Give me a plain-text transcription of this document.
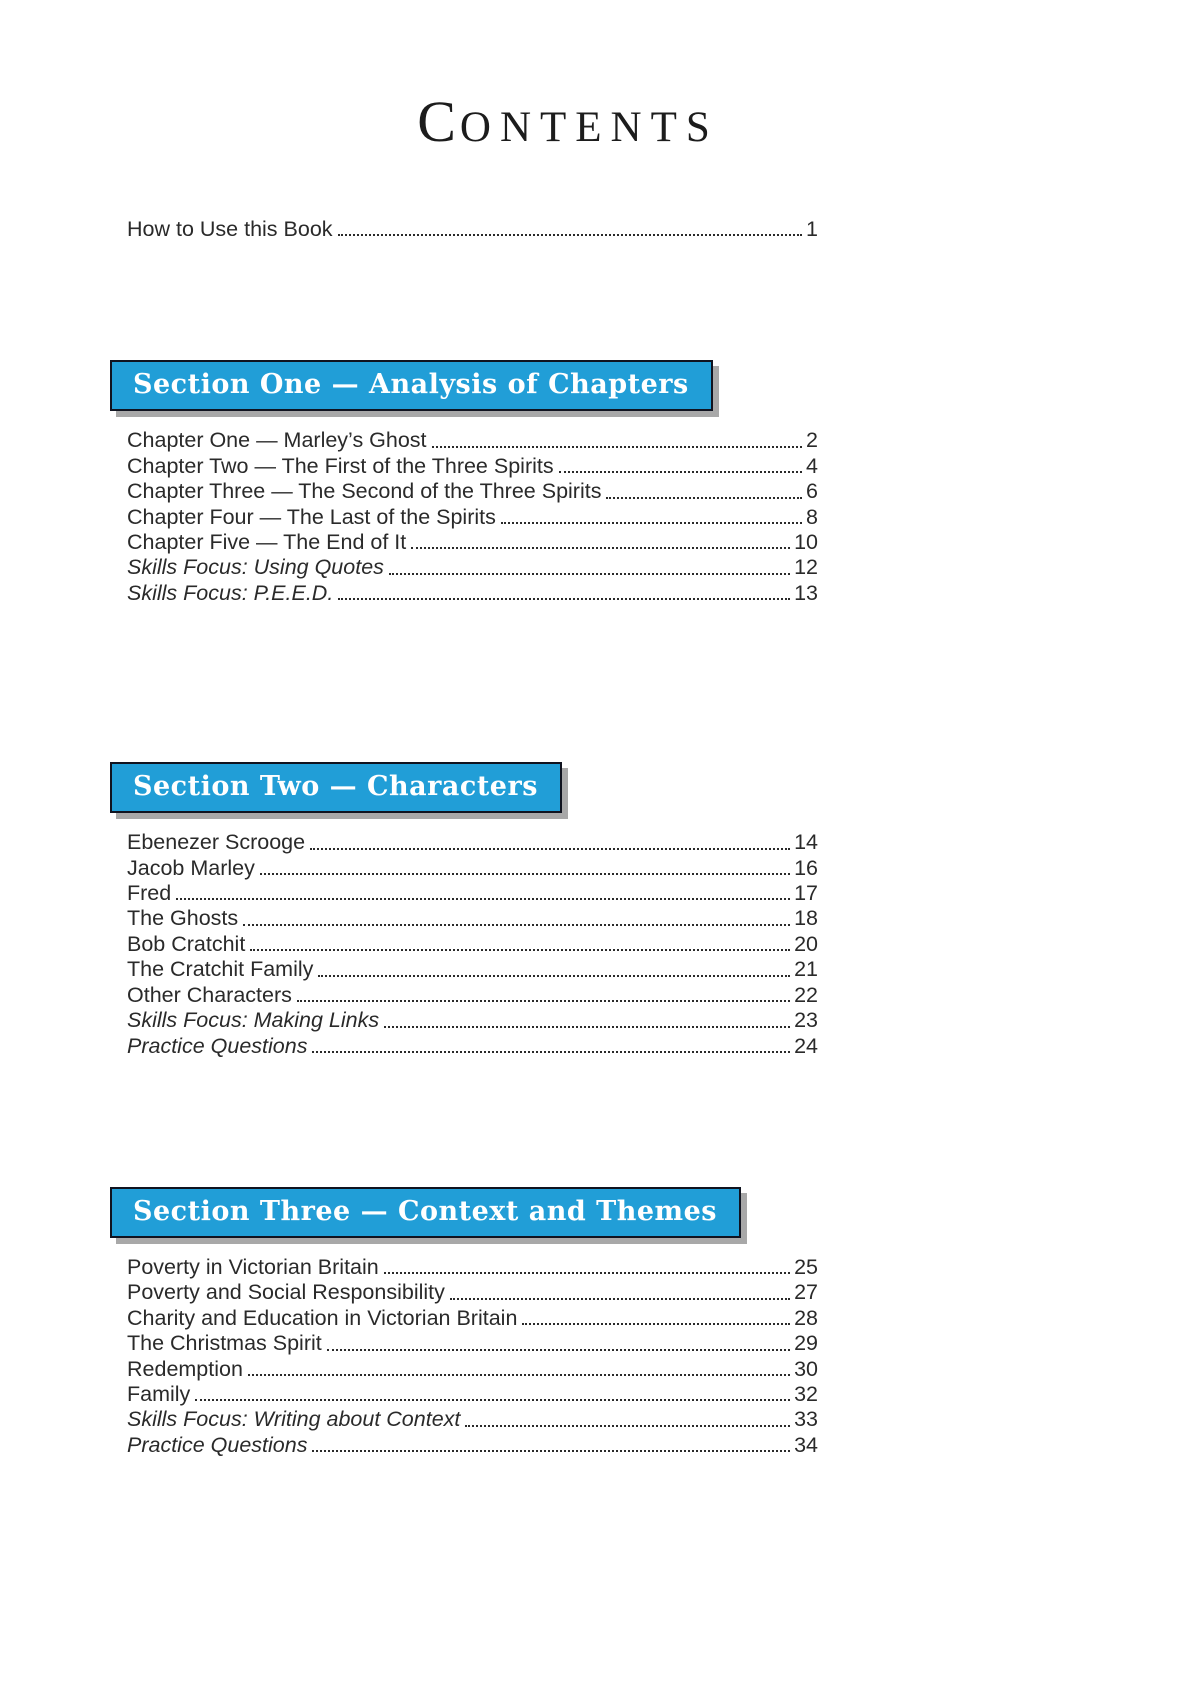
CONTENTS
How to Use this Book	1
Section One — Analysis of Chapters
Chapter One — Marley’s Ghost	2
Chapter Two — The First of the Three Spirits	4
Chapter Three — The Second of the Three Spirits	6
Chapter Four — The Last of the Spirits	8
Chapter Five — The End of It	10
Skills Focus: Using Quotes	12
Skills Focus: P.E.E.D.	13
Section Two — Characters
Ebenezer Scrooge	14
Jacob Marley	16
Fred	17
The Ghosts	18
Bob Cratchit	20
The Cratchit Family	21
Other Characters	22
Skills Focus: Making Links	23
Practice Questions	24
Section Three — Context and Themes
Poverty in Victorian Britain	25
Poverty and Social Responsibility	27
Charity and Education in Victorian Britain	28
The Christmas Spirit	29
Redemption	30
Family	32
Skills Focus: Writing about Context	33
Practice Questions	34
